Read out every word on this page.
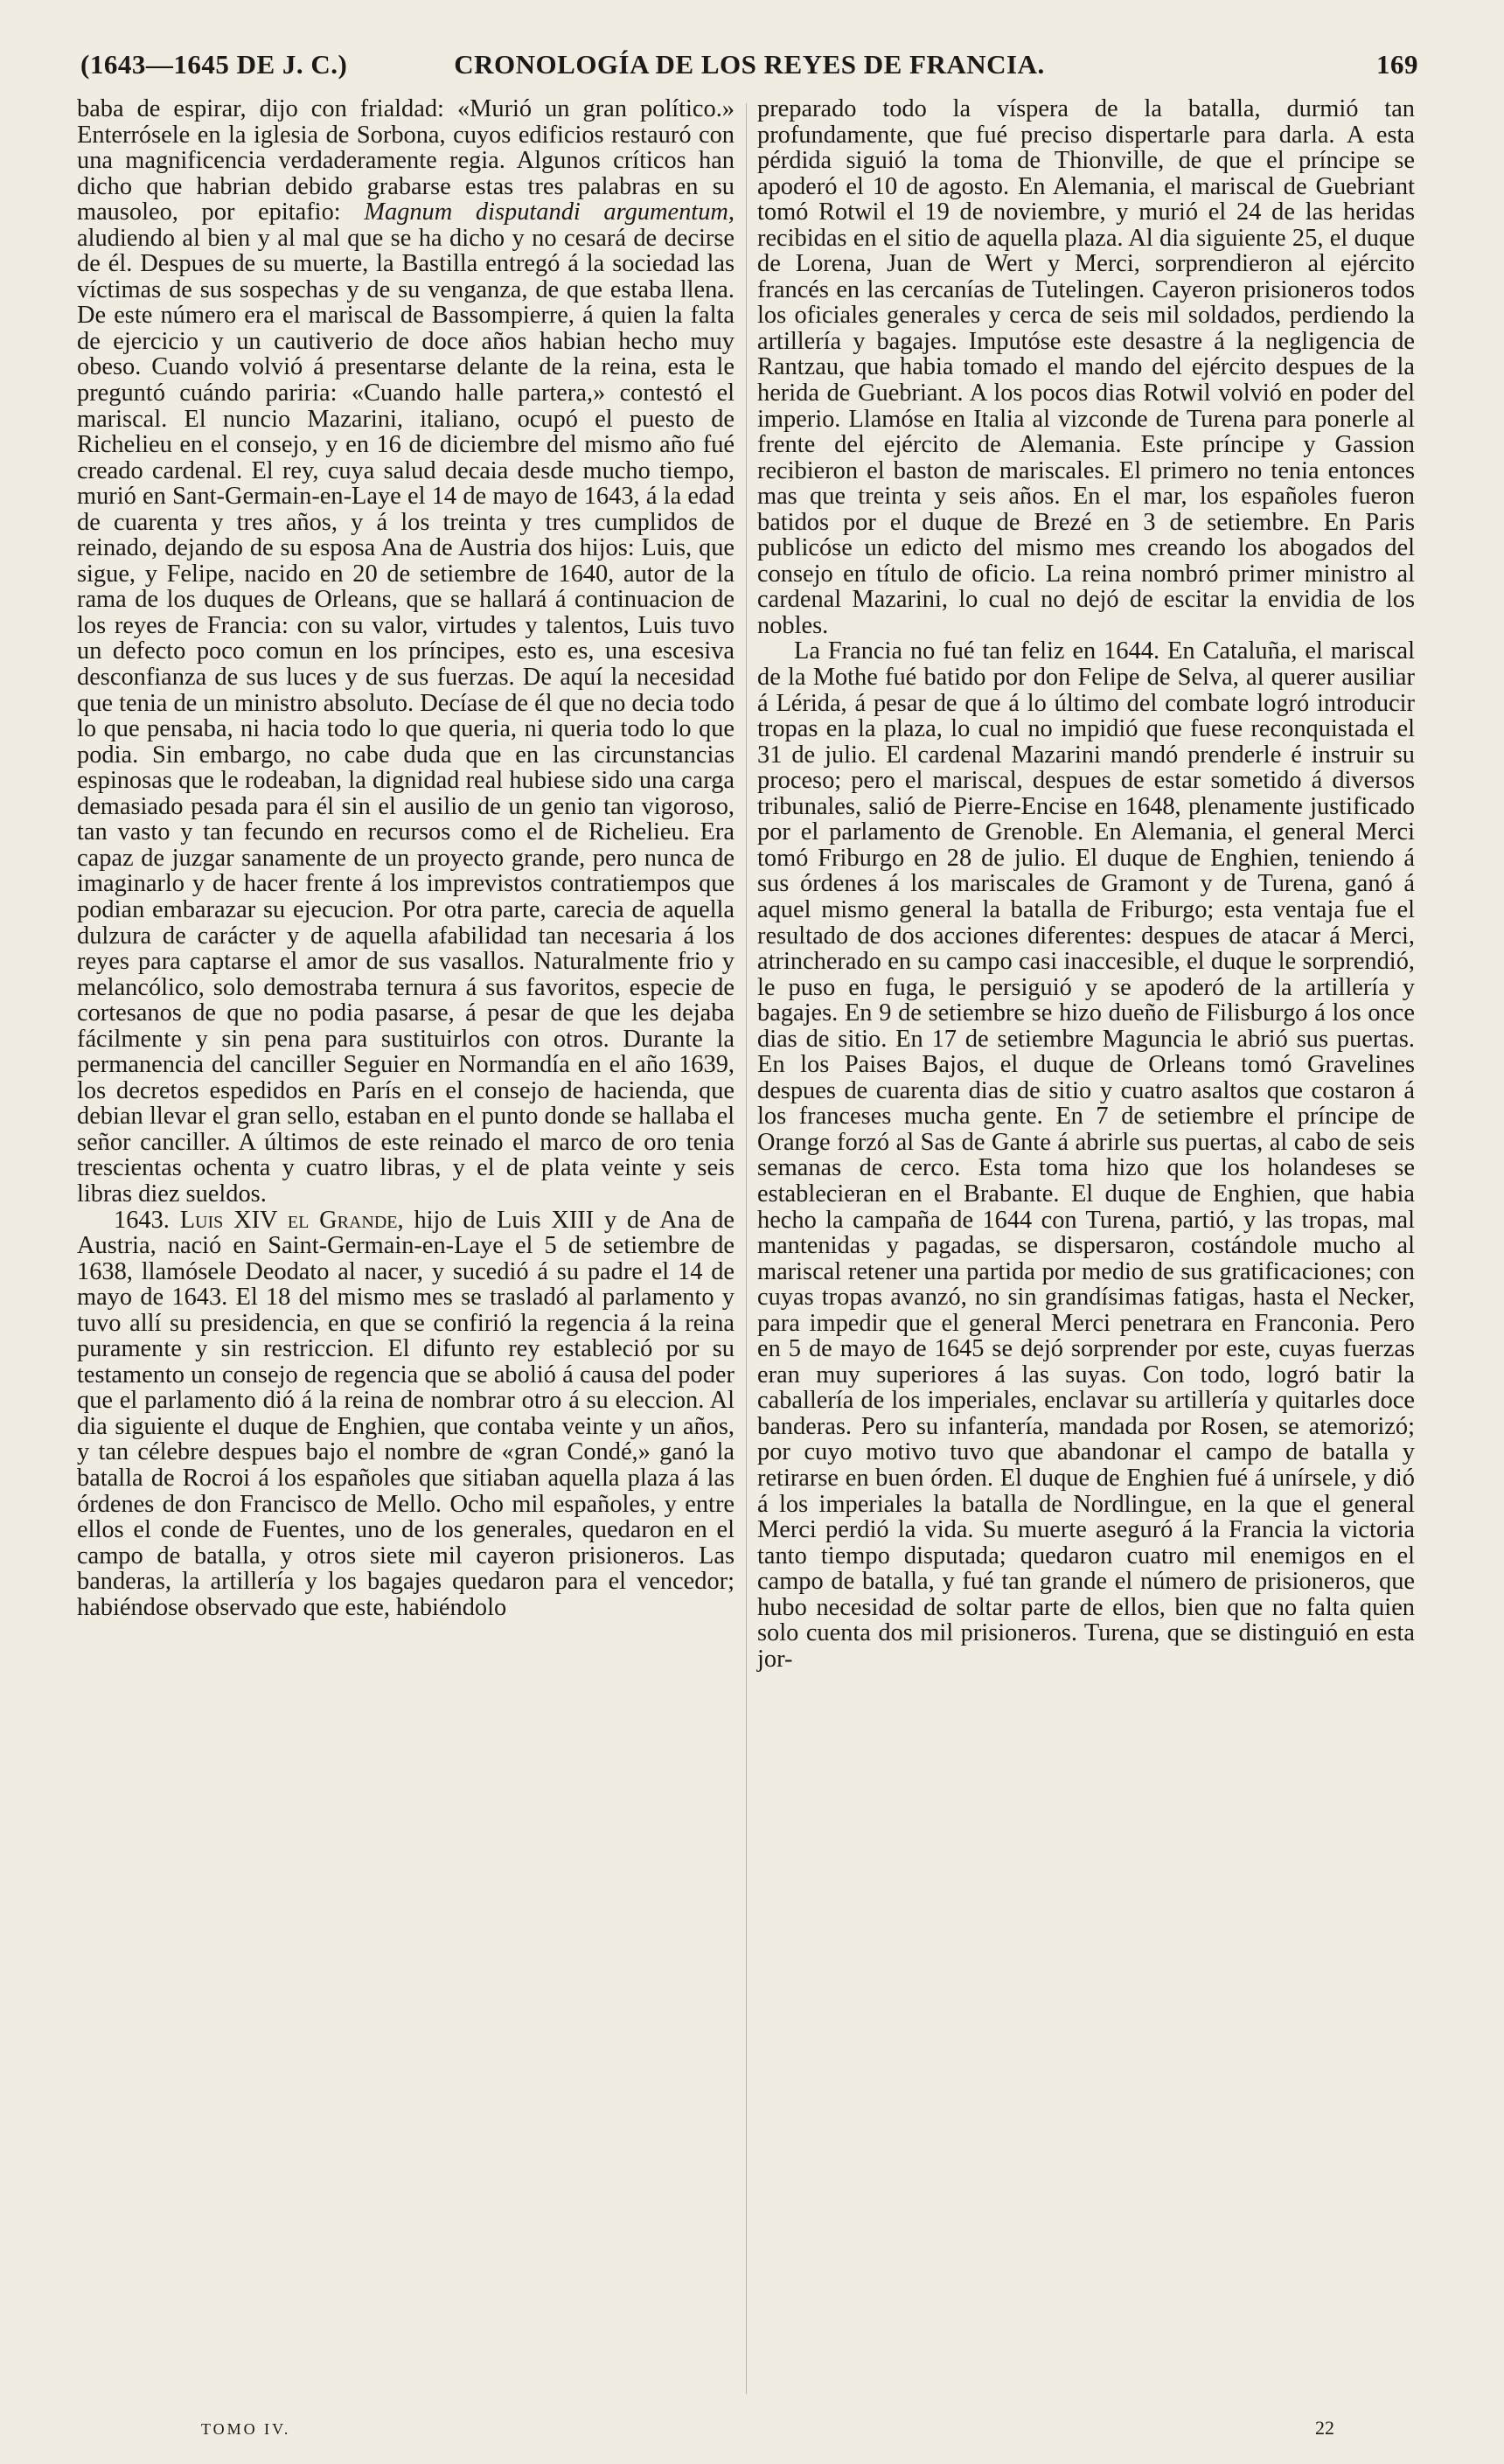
(1643—1645 DE J. C.)	CRONOLOGÍA DE LOS REYES DE FRANCIA.	169

baba de espirar, dijo con frialdad: «Murió un gran político.» Enterrósele en la iglesia de Sorbona, cuyos edificios restauró con una magnificencia verdaderamente regia. Algunos críticos han dicho que habrian debido grabarse estas tres palabras en su mausoleo, por epitafio: Magnum disputandi argumentum, aludiendo al bien y al mal que se ha dicho y no cesará de decirse de él. Despues de su muerte, la Bastilla entregó á la sociedad las víctimas de sus sospechas y de su venganza, de que estaba llena. De este número era el mariscal de Bassompierre, á quien la falta de ejercicio y un cautiverio de doce años habian hecho muy obeso. Cuando volvió á presentarse delante de la reina, esta le preguntó cuándo pariria: «Cuando halle partera,» contestó el mariscal. El nuncio Mazarini, italiano, ocupó el puesto de Richelieu en el consejo, y en 16 de diciembre del mismo año fué creado cardenal. El rey, cuya salud decaia desde mucho tiempo, murió en Sant-Germain-en-Laye el 14 de mayo de 1643, á la edad de cuarenta y tres años, y á los treinta y tres cumplidos de reinado, dejando de su esposa Ana de Austria dos hijos: Luis, que sigue, y Felipe, nacido en 20 de setiembre de 1640, autor de la rama de los duques de Orleans, que se hallará á continuacion de los reyes de Francia: con su valor, virtudes y talentos, Luis tuvo un defecto poco comun en los príncipes, esto es, una escesiva desconfianza de sus luces y de sus fuerzas. De aquí la necesidad que tenia de un ministro absoluto. Decíase de él que no decia todo lo que pensaba, ni hacia todo lo que queria, ni queria todo lo que podia. Sin embargo, no cabe duda que en las circunstancias espinosas que le rodeaban, la dignidad real hubiese sido una carga demasiado pesada para él sin el ausilio de un genio tan vigoroso, tan vasto y tan fecundo en recursos como el de Richelieu. Era capaz de juzgar sanamente de un proyecto grande, pero nunca de imaginarlo y de hacer frente á los imprevistos contratiempos que podian embarazar su ejecucion. Por otra parte, carecia de aquella dulzura de carácter y de aquella afabilidad tan necesaria á los reyes para captarse el amor de sus vasallos. Naturalmente frio y melancólico, solo demostraba ternura á sus favoritos, especie de cortesanos de que no podia pasarse, á pesar de que les dejaba fácilmente y sin pena para sustituirlos con otros. Durante la permanencia del canciller Seguier en Normandía en el año 1639, los decretos espedidos en París en el consejo de hacienda, que debian llevar el gran sello, estaban en el punto donde se hallaba el señor canciller. A últimos de este reinado el marco de oro tenia trescientas ochenta y cuatro libras, y el de plata veinte y seis libras diez sueldos.

1643. Luis XIV el Grande, hijo de Luis XIII y de Ana de Austria, nació en Saint-Germain-en-Laye el 5 de setiembre de 1638, llamósele Deodato al nacer, y sucedió á su padre el 14 de mayo de 1643. El 18 del mismo mes se trasladó al parlamento y tuvo allí su presidencia, en que se confirió la regencia á la reina puramente y sin restriccion. El difunto rey estableció por su testamento un consejo de regencia que se abolió á causa del poder que el parlamento dió á la reina de nombrar otro á su eleccion. Al dia siguiente el duque de Enghien, que contaba veinte y un años, y tan célebre despues bajo el nombre de «gran Condé,» ganó la batalla de Rocroi á los españoles que sitiaban aquella plaza á las órdenes de don Francisco de Mello. Ocho mil españoles, y entre ellos el conde de Fuentes, uno de los generales, quedaron en el campo de batalla, y otros siete mil cayeron prisioneros. Las banderas, la artillería y los bagajes quedaron para el vencedor; habiéndose observado que este, habiéndolo

preparado todo la víspera de la batalla, durmió tan profundamente, que fué preciso dispertarle para darla. A esta pérdida siguió la toma de Thionville, de que el príncipe se apoderó el 10 de agosto. En Alemania, el mariscal de Guebriant tomó Rotwil el 19 de noviembre, y murió el 24 de las heridas recibidas en el sitio de aquella plaza. Al dia siguiente 25, el duque de Lorena, Juan de Wert y Merci, sorprendieron al ejército francés en las cercanías de Tutelingen. Cayeron prisioneros todos los oficiales generales y cerca de seis mil soldados, perdiendo la artillería y bagajes. Imputóse este desastre á la negligencia de Rantzau, que habia tomado el mando del ejército despues de la herida de Guebriant. A los pocos dias Rotwil volvió en poder del imperio. Llamóse en Italia al vizconde de Turena para ponerle al frente del ejército de Alemania. Este príncipe y Gassion recibieron el baston de mariscales. El primero no tenia entonces mas que treinta y seis años. En el mar, los españoles fueron batidos por el duque de Brezé en 3 de setiembre. En Paris publicóse un edicto del mismo mes creando los abogados del consejo en título de oficio. La reina nombró primer ministro al cardenal Mazarini, lo cual no dejó de escitar la envidia de los nobles.

La Francia no fué tan feliz en 1644. En Cataluña, el mariscal de la Mothe fué batido por don Felipe de Selva, al querer ausiliar á Lérida, á pesar de que á lo último del combate logró introducir tropas en la plaza, lo cual no impidió que fuese reconquistada el 31 de julio. El cardenal Mazarini mandó prenderle é instruir su proceso; pero el mariscal, despues de estar sometido á diversos tribunales, salió de Pierre-Encise en 1648, plenamente justificado por el parlamento de Grenoble. En Alemania, el general Merci tomó Friburgo en 28 de julio. El duque de Enghien, teniendo á sus órdenes á los mariscales de Gramont y de Turena, ganó á aquel mismo general la batalla de Friburgo; esta ventaja fue el resultado de dos acciones diferentes: despues de atacar á Merci, atrincherado en su campo casi inaccesible, el duque le sorprendió, le puso en fuga, le persiguió y se apoderó de la artillería y bagajes. En 9 de setiembre se hizo dueño de Filisburgo á los once dias de sitio. En 17 de setiembre Maguncia le abrió sus puertas. En los Paises Bajos, el duque de Orleans tomó Gravelines despues de cuarenta dias de sitio y cuatro asaltos que costaron á los franceses mucha gente. En 7 de setiembre el príncipe de Orange forzó al Sas de Gante á abrirle sus puertas, al cabo de seis semanas de cerco. Esta toma hizo que los holandeses se establecieran en el Brabante. El duque de Enghien, que habia hecho la campaña de 1644 con Turena, partió, y las tropas, mal mantenidas y pagadas, se dispersaron, costándole mucho al mariscal retener una partida por medio de sus gratificaciones; con cuyas tropas avanzó, no sin grandísimas fatigas, hasta el Necker, para impedir que el general Merci penetrara en Franconia. Pero en 5 de mayo de 1645 se dejó sorprender por este, cuyas fuerzas eran muy superiores á las suyas. Con todo, logró batir la caballería de los imperiales, enclavar su artillería y quitarles doce banderas. Pero su infantería, mandada por Rosen, se atemorizó; por cuyo motivo tuvo que abandonar el campo de batalla y retirarse en buen órden. El duque de Enghien fué á unírsele, y dió á los imperiales la batalla de Nordlingue, en la que el general Merci perdió la vida. Su muerte aseguró á la Francia la victoria tanto tiempo disputada; quedaron cuatro mil enemigos en el campo de batalla, y fué tan grande el número de prisioneros, que hubo necesidad de soltar parte de ellos, bien que no falta quien solo cuenta dos mil prisioneros. Turena, que se distinguió en esta jor-

TOMO IV.	22
